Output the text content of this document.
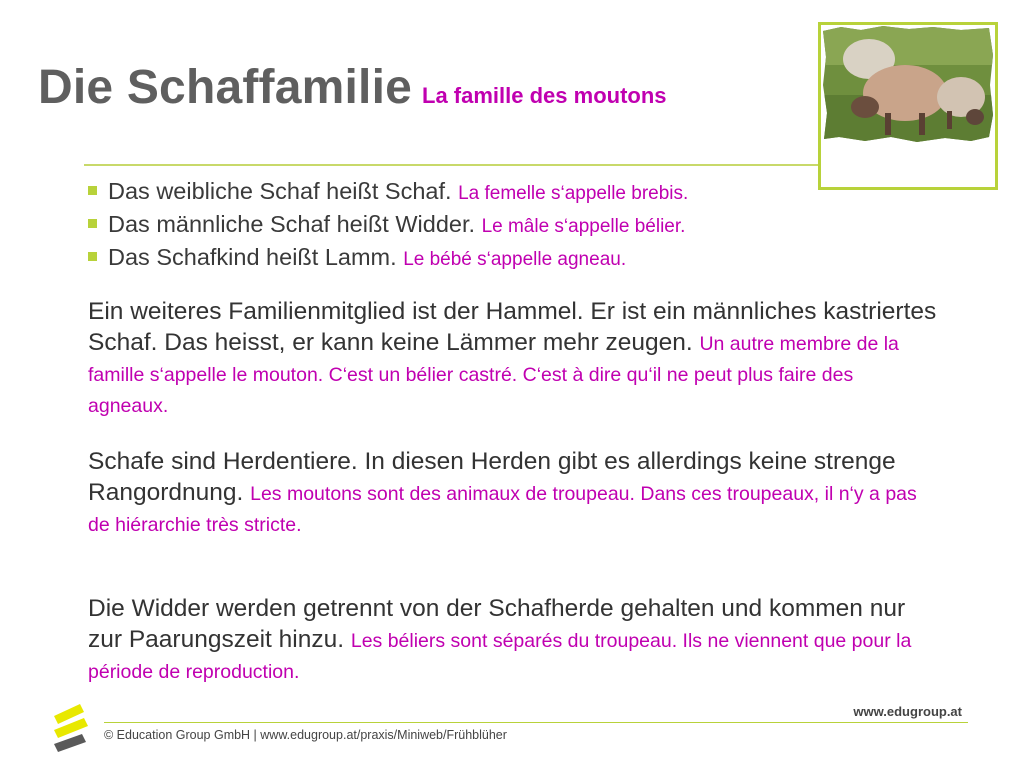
Die Schaffamilie La famille des moutons
Das weibliche Schaf heißt Schaf. La femelle s‘appelle brebis.
Das männliche Schaf heißt Widder. Le mâle s‘appelle bélier.
Das Schafkind heißt Lamm. Le bébé s‘appelle agneau.
Ein weiteres Familienmitglied ist der Hammel. Er ist ein männliches kastriertes Schaf. Das heisst, er kann keine Lämmer mehr zeugen. Un autre membre de la famille s‘appelle le mouton. C‘est un bélier castré. C‘est à dire qu‘il ne peut plus faire des agneaux.
Schafe sind Herdentiere. In diesen Herden gibt es allerdings keine strenge Rangordnung. Les moutons sont des animaux de troupeau. Dans ces troupeaux, il n‘y a pas de hiérarchie très stricte.
Die Widder werden getrennt von der Schafherde gehalten und kommen nur zur Paarungszeit hinzu. Les béliers sont séparés du troupeau. Ils ne viennent que pour la période de reproduction.
www.edugroup.at
© Education Group GmbH | www.edugroup.at/praxis/Miniweb/Frühblüher
